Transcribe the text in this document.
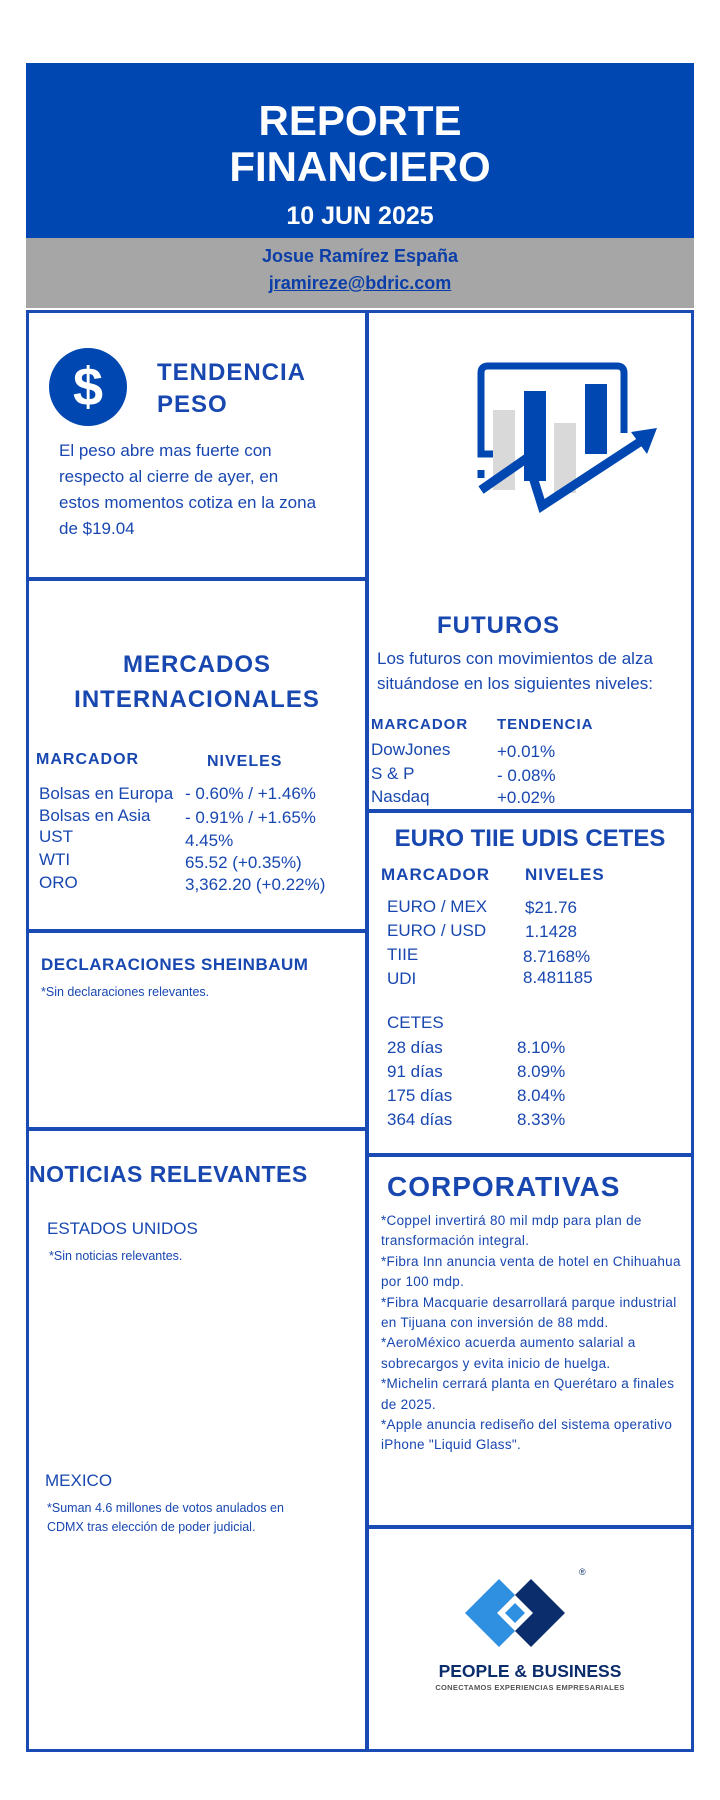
REPORTE
FINANCIERO
10 JUN 2025
Josue Ramírez España
jramireze@bdric.com
$	TENDENCIA
PESO
El peso abre mas fuerte con respecto al cierre de ayer, en estos momentos cotiza en la zona de $19.04
MERCADOS
INTERNACIONALES
MARCADOR	NIVELES
Bolsas en Europa - 0.60% / +1.46%
Bolsas en Asia - 0.91% / +1.65%
UST	4.45%
WTI	65.52 (+0.35%)
ORO	3,362.20 (+0.22%)
FUTUROS
Los futuros con movimientos de alza
situándose en los siguientes niveles:
MARCADOR TENDENCIA
DowJones	+0.01%
S & P	- 0.08%
Nasdaq	+0.02%
EURO TIIE UDIS CETES
MARCADOR NIVELES
EURO / MEX $21.76
EURO / USD 1.1428
TIIE	8.7168%
UDI	8.481185
CETES
28 días	8.10%
91 días	8.09%
175 días	8.04%
364 días	8.33%
DECLARACIONES SHEINBAUM
*Sin declaraciones relevantes.
NOTICIAS RELEVANTES
ESTADOS UNIDOS
*Sin noticias relevantes.
MEXICO
*Suman 4.6 millones de votos anulados en
CDMX tras elección de poder judicial.
CORPORATIVAS
*Coppel invertirá 80 mil mdp para plan de transformación integral.
*Fibra Inn anuncia venta de hotel en Chihuahua por 100 mdp.
*Fibra Macquarie desarrollará parque industrial en Tijuana con inversión de 88 mdd.
*AeroMéxico acuerda aumento salarial a sobrecargos y evita inicio de huelga.
*Michelin cerrará planta en Querétaro a finales de 2025.
*Apple anuncia rediseño del sistema operativo iPhone "Liquid Glass".
®
PEOPLE & BUSINESS
CONECTAMOS EXPERIENCIAS EMPRESARIALES
